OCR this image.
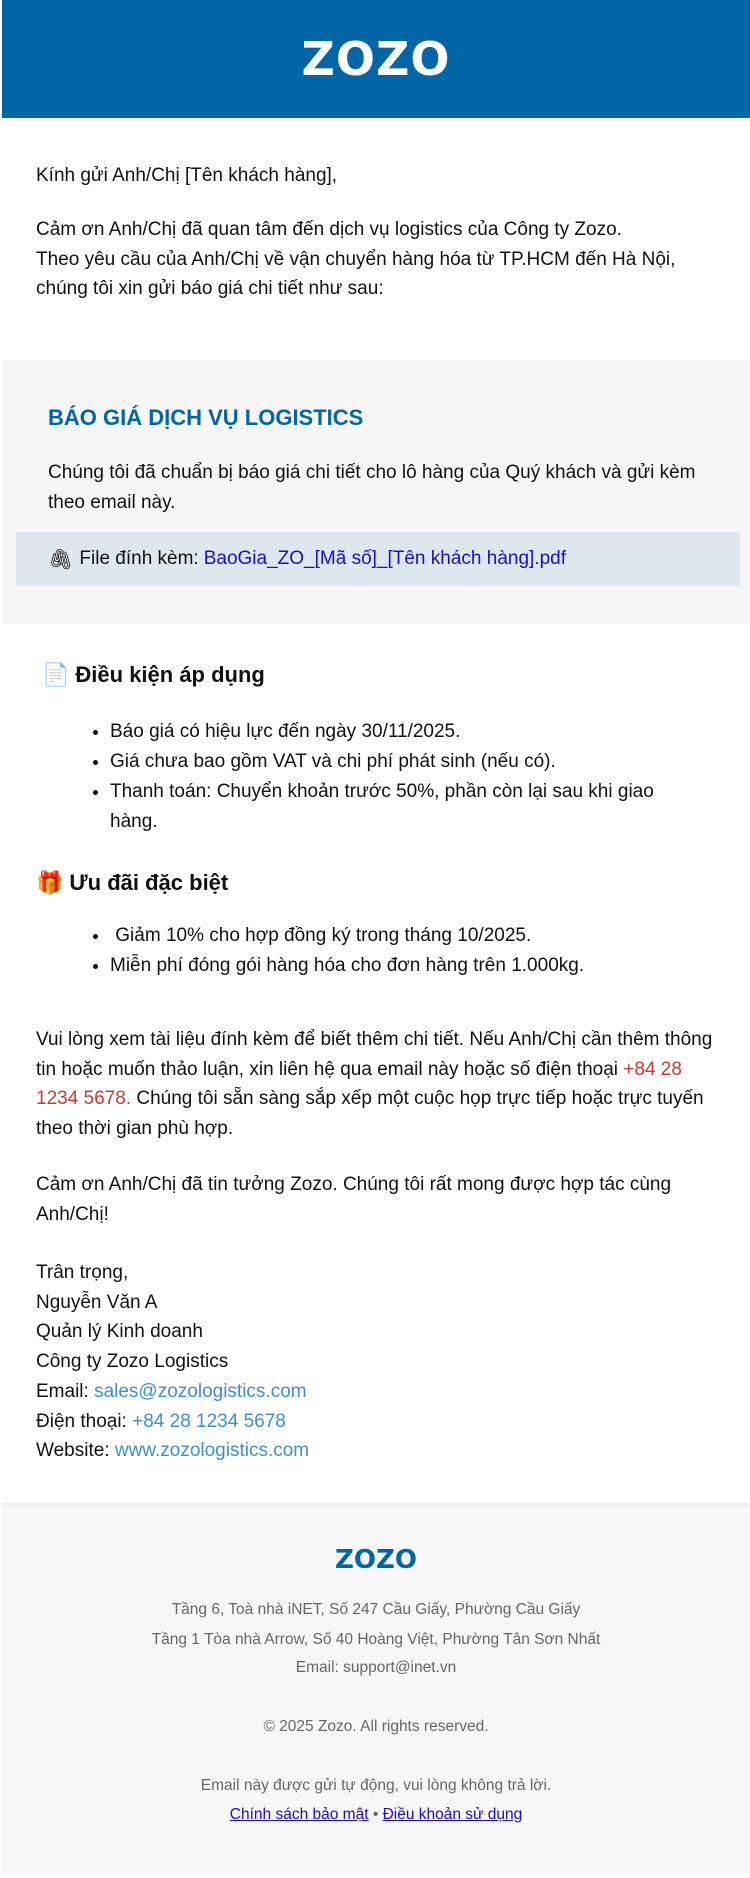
ZOZO

Kính gửi Anh/Chị [Tên khách hàng],

Cảm ơn Anh/Chị đã quan tâm đến dịch vụ logistics của Công ty Zozo.
Theo yêu cầu của Anh/Chị về vận chuyển hàng hóa từ TP.HCM đến Hà Nội, chúng tôi xin gửi báo giá chi tiết như sau:

BÁO GIÁ DỊCH VỤ LOGISTICS

Chúng tôi đã chuẩn bị báo giá chi tiết cho lô hàng của Quý khách và gửi kèm theo email này.

🖇 File đính kèm: BaoGia_ZO_[Mã số]_[Tên khách hàng].pdf
📄 Điều kiện áp dụng
• Báo giá có hiệu lực đến ngày 30/11/2025.
• Giá chưa bao gồm VAT và chi phí phát sinh (nếu có).
• Thanh toán: Chuyển khoản trước 50%, phần còn lại sau khi giao hàng.
🎁 Ưu đãi đặc biệt
•  Giảm 10% cho hợp đồng ký trong tháng 10/2025.
• Miễn phí đóng gói hàng hóa cho đơn hàng trên 1.000kg.

Vui lòng xem tài liệu đính kèm để biết thêm chi tiết. Nếu Anh/Chị cần thêm thông tin hoặc muốn thảo luận, xin liên hệ qua email này hoặc số điện thoại +84 28 1234 5678. Chúng tôi sẵn sàng sắp xếp một cuộc họp trực tiếp hoặc trực tuyến theo thời gian phù hợp.

Cảm ơn Anh/Chị đã tin tưởng Zozo. Chúng tôi rất mong được hợp tác cùng Anh/Chị!

Trân trọng,
Nguyễn Văn A
Quản lý Kinh doanh
Công ty Zozo Logistics
Email: sales@zozologistics.com
Điện thoại: +84 28 1234 5678
Website: www.zozologistics.com
ZOZO
Tầng 6, Toà nhà iNET, Số 247 Cầu Giấy, Phường Cầu Giấy
Tầng 1 Tòa nhà Arrow, Số 40 Hoàng Việt, Phường Tân Sơn Nhất
Email: support@inet.vn
© 2025 Zozo. All rights reserved.
Email này được gửi tự động, vui lòng không trả lời.
Chính sách bảo mật • Điều khoản sử dụng
